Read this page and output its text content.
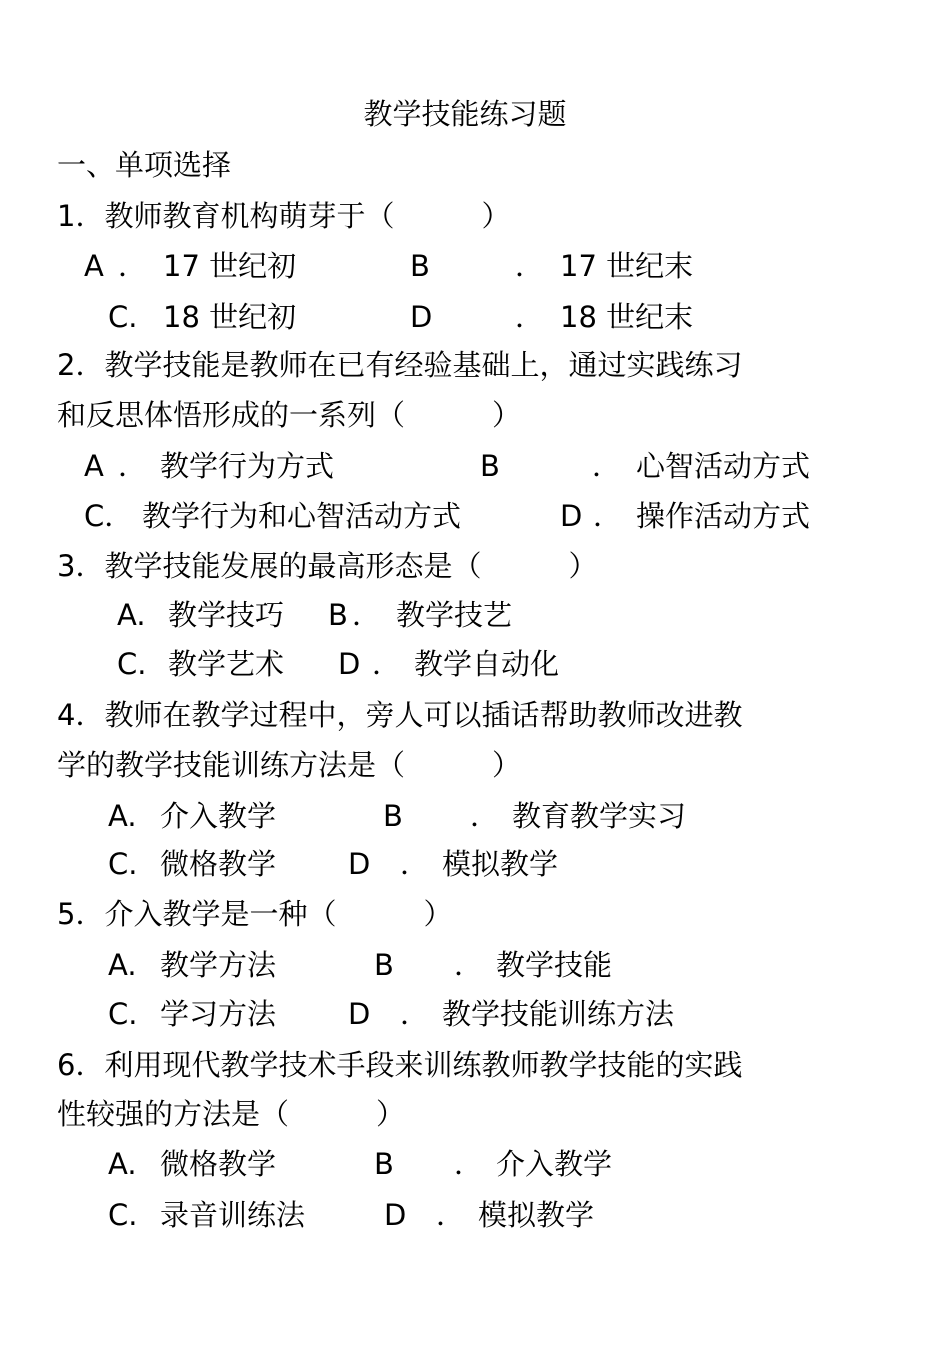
教学技能练习题
一、单项选择
1．教师教育机构萌芽于（　　　）
A ． 17 世纪初	B	． 17 世纪末
C. 18 世纪初	D	． 18 世纪末
2．教学技能是教师在已有经验基础上，通过实践练习
和反思体悟形成的一系列（　　　）
A ． 教学行为方式	B	． 心智活动方式
C． 教学行为和心智活动方式	D ． 操作活动方式
3．教学技能发展的最高形态是（　　　）
A. 教学技巧 B ． 教学技艺
C. 教学艺术 D ． 教学自动化
4．教师在教学过程中，旁人可以插话帮助教师改进教
学的教学技能训练方法是（　　　）
A. 介入教学	B ． 教育教学实习
C. 微格教学 D ． 模拟教学
5．介入教学是一种（　　　）
A. 教学方法	B ． 教学技能
C. 学习方法 D ． 教学技能训练方法
6．利用现代教学技术手段来训练教师教学技能的实践
性较强的方法是（　　　）
A. 微格教学	B ． 介入教学
C. 录音训练法	D ． 模拟教学
